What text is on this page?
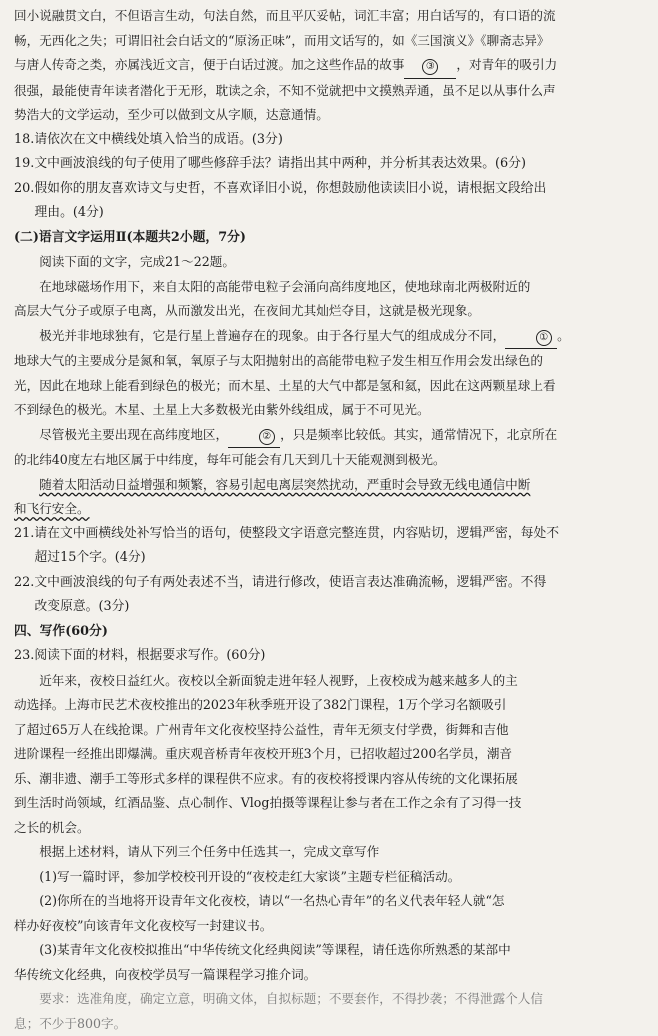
回小说融贯文白，不但语言生动，句法自然，而且平仄妥帖，词汇丰富；用白话写的，有口语的流

畅，无西化之失；可谓旧社会白话文的“原汤正味”，而用文话写的，如《三国演义》《聊斋志异》

与唐人传奇之类，亦属浅近文言，便于白话过渡。加之这些作品的故事 ③ ，对青年的吸引力

很强，最能使青年读者潜化于无形，耽读之余，不知不觉就把中文摸熟弄通，虽不足以从事什么声

势浩大的文学运动，至少可以做到文从字顺，达意通情。

18.请依次在文中横线处填入恰当的成语。(3分)

19.文中画波浪线的句子使用了哪些修辞手法？请指出其中两种，并分析其表达效果。(6分)

20.假如你的朋友喜欢诗文与史哲，不喜欢译旧小说，你想鼓励他读读旧小说，请根据文段给出
理由。(4分)

(二)语言文字运用Ⅱ(本题共2小题，7分)

阅读下面的文字，完成21～22题。

在地球磁场作用下，来自太阳的高能带电粒子会涌向高纬度地区，使地球南北两极附近的

高层大气分子或原子电离，从而激发出光，在夜间尤其灿烂夺目，这就是极光现象。

极光并非地球独有，它是行星上普遍存在的现象。由于各行星大气的组成成分不同，	① 。

地球大气的主要成分是氮和氧，氧原子与太阳抛射出的高能带电粒子发生相互作用会发出绿色的

光，因此在地球上能看到绿色的极光；而木星、土星的大气中都是氢和氦，因此在这两颗星球上看

不到绿色的极光。木星、土星上大多数极光由紫外线组成，属于不可见光。

尽管极光主要出现在高纬度地区，	② ，只是频率比较低。其实，通常情况下，北京所在

的北纬40度左右地区属于中纬度，每年可能会有几天到几十天能观测到极光。

随着太阳活动日益增强和频繁，容易引起电离层突然扰动，严重时会导致无线电通信中断

和飞行安全。

21.请在文中画横线处补写恰当的语句，使整段文字语意完整连贯，内容贴切，逻辑严密，每处不
超过15个字。(4分)

22.文中画波浪线的句子有两处表述不当，请进行修改，使语言表达准确流畅，逻辑严密。不得
改变原意。(3分)

四、写作(60分)

23.阅读下面的材料，根据要求写作。(60分)

近年来，夜校日益红火。夜校以全新面貌走进年轻人视野，上夜校成为越来越多人的主

动选择。上海市民艺术夜校推出的2023年秋季班开设了382门课程，1万个学习名额吸引

了超过65万人在线抢课。广州青年文化夜校坚持公益性，青年无须支付学费，街舞和吉他

进阶课程一经推出即爆满。重庆观音桥青年夜校开班3个月，已招收超过200名学员，潮音

乐、潮非遗、潮手工等形式多样的课程供不应求。有的夜校将授课内容从传统的文化课拓展

到生活时尚领域，红酒品鉴、点心制作、Vlog拍摄等课程让参与者在工作之余有了习得一技

之长的机会。

根据上述材料，请从下列三个任务中任选其一，完成文章写作

(1)写一篇时评，参加学校校刊开设的“夜校走红大家谈”主题专栏征稿活动。

(2)你所在的当地将开设青年文化夜校，请以“一名热心青年”的名义代表年轻人就“怎

样办好夜校”向该青年文化夜校写一封建议书。

(3)某青年文化夜校拟推出“中华传统文化经典阅读”等课程，请任选你所熟悉的某部中

华传统文化经典，向夜校学员写一篇课程学习推介词。

要求：选准角度，确定立意，明确文体，自拟标题；不要套作，不得抄袭；不得泄露个人信

息；不少于800字。
